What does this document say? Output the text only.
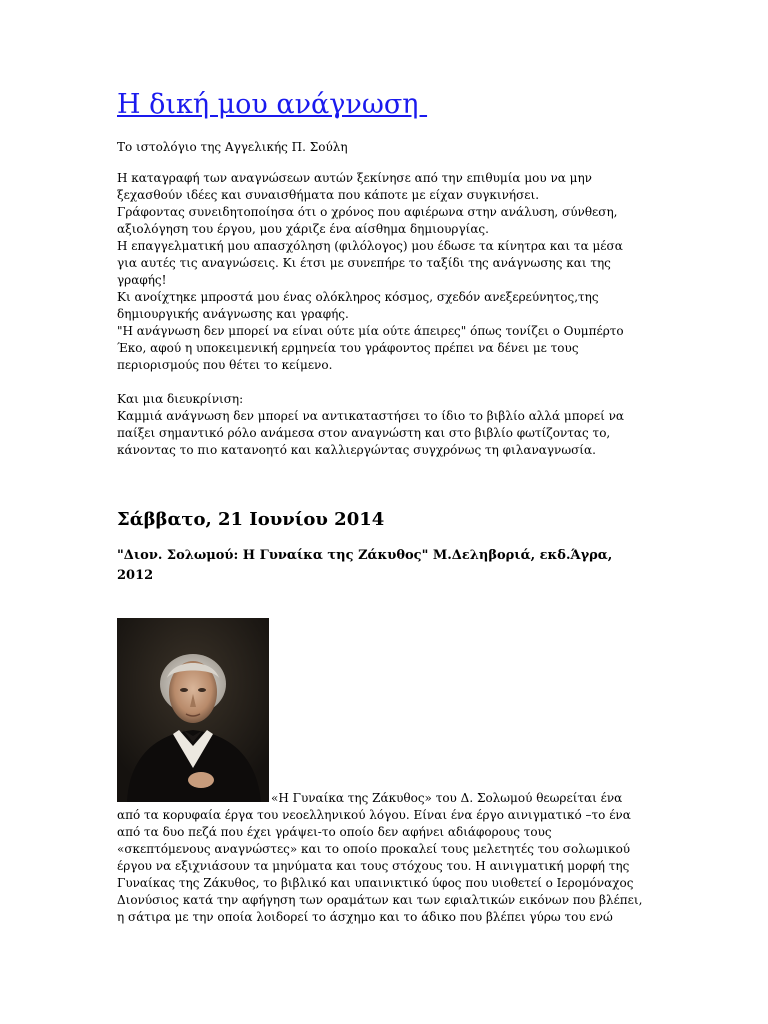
Η δική μου ανάγνωση

Το ιστολόγιο της Αγγελικής Π. Σούλη

Η καταγραφή των αναγνώσεων αυτών ξεκίνησε από την επιθυμία μου να μην
ξεχασθούν ιδέες και συναισθήματα που κάποτε με είχαν συγκινήσει.
Γράφοντας συνειδητοποίησα ότι ο χρόνος που αφιέρωνα στην ανάλυση, σύνθεση,
αξιολόγηση του έργου, μου χάριζε ένα αίσθημα δημιουργίας.
Η επαγγελματική μου απασχόληση (φιλόλογος) μου έδωσε τα κίνητρα και τα μέσα
για αυτές τις αναγνώσεις. Κι έτσι με συνεπήρε το ταξίδι της ανάγνωσης και της
γραφής!
Κι ανοίχτηκε μπροστά μου ένας ολόκληρος κόσμος, σχεδόν ανεξερεύνητος,της
δημιουργικής ανάγνωσης και γραφής.
"Η ανάγνωση δεν μπορεί να είναι ούτε μία ούτε άπειρες" όπως τονίζει ο Ουμπέρτο
Έκο, αφού η υποκειμενική ερμηνεία του γράφοντος πρέπει να δένει με τους
περιορισμούς που θέτει το κείμενο.
Και μια διευκρίνιση:
Καμμιά ανάγνωση δεν μπορεί να αντικαταστήσει το ίδιο το βιβλίο αλλά μπορεί να
παίξει σημαντικό ρόλο ανάμεσα στον αναγνώστη και στο βιβλίο φωτίζοντας το,
κάνοντας το πιο κατανοητό και καλλιεργώντας συγχρόνως τη φιλαναγνωσία.
Σάββατο, 21 Ιουνίου 2014
"Διον. Σολωμού: Η Γυναίκα της Ζάκυθος" Μ.Δεληβοριά, εκδ.Άγρα,
2012
«Η Γυναίκα της Ζάκυθος» του Δ. Σολωμού θεωρείται ένα
από τα κορυφαία έργα του νεοελληνικού λόγου. Είναι ένα έργο αινιγματικό –το ένα
από τα δυο πεζά που έχει γράψει-το οποίο δεν αφήνει αδιάφορους τους
«σκεπτόμενους αναγνώστες» και το οποίο προκαλεί τους μελετητές του σολωμικού
έργου να εξιχνιάσουν τα μηνύματα και τους στόχους του. Η αινιγματική μορφή της
Γυναίκας της Ζάκυθος, το βιβλικό και υπαινικτικό ύφος που υιοθετεί ο Ιερομόναχος
Διονύσιος κατά την αφήγηση των οραμάτων και των εφιαλτικών εικόνων που βλέπει,
η σάτιρα με την οποία λοιδορεί το άσχημο και το άδικο που βλέπει γύρω του ενώ
